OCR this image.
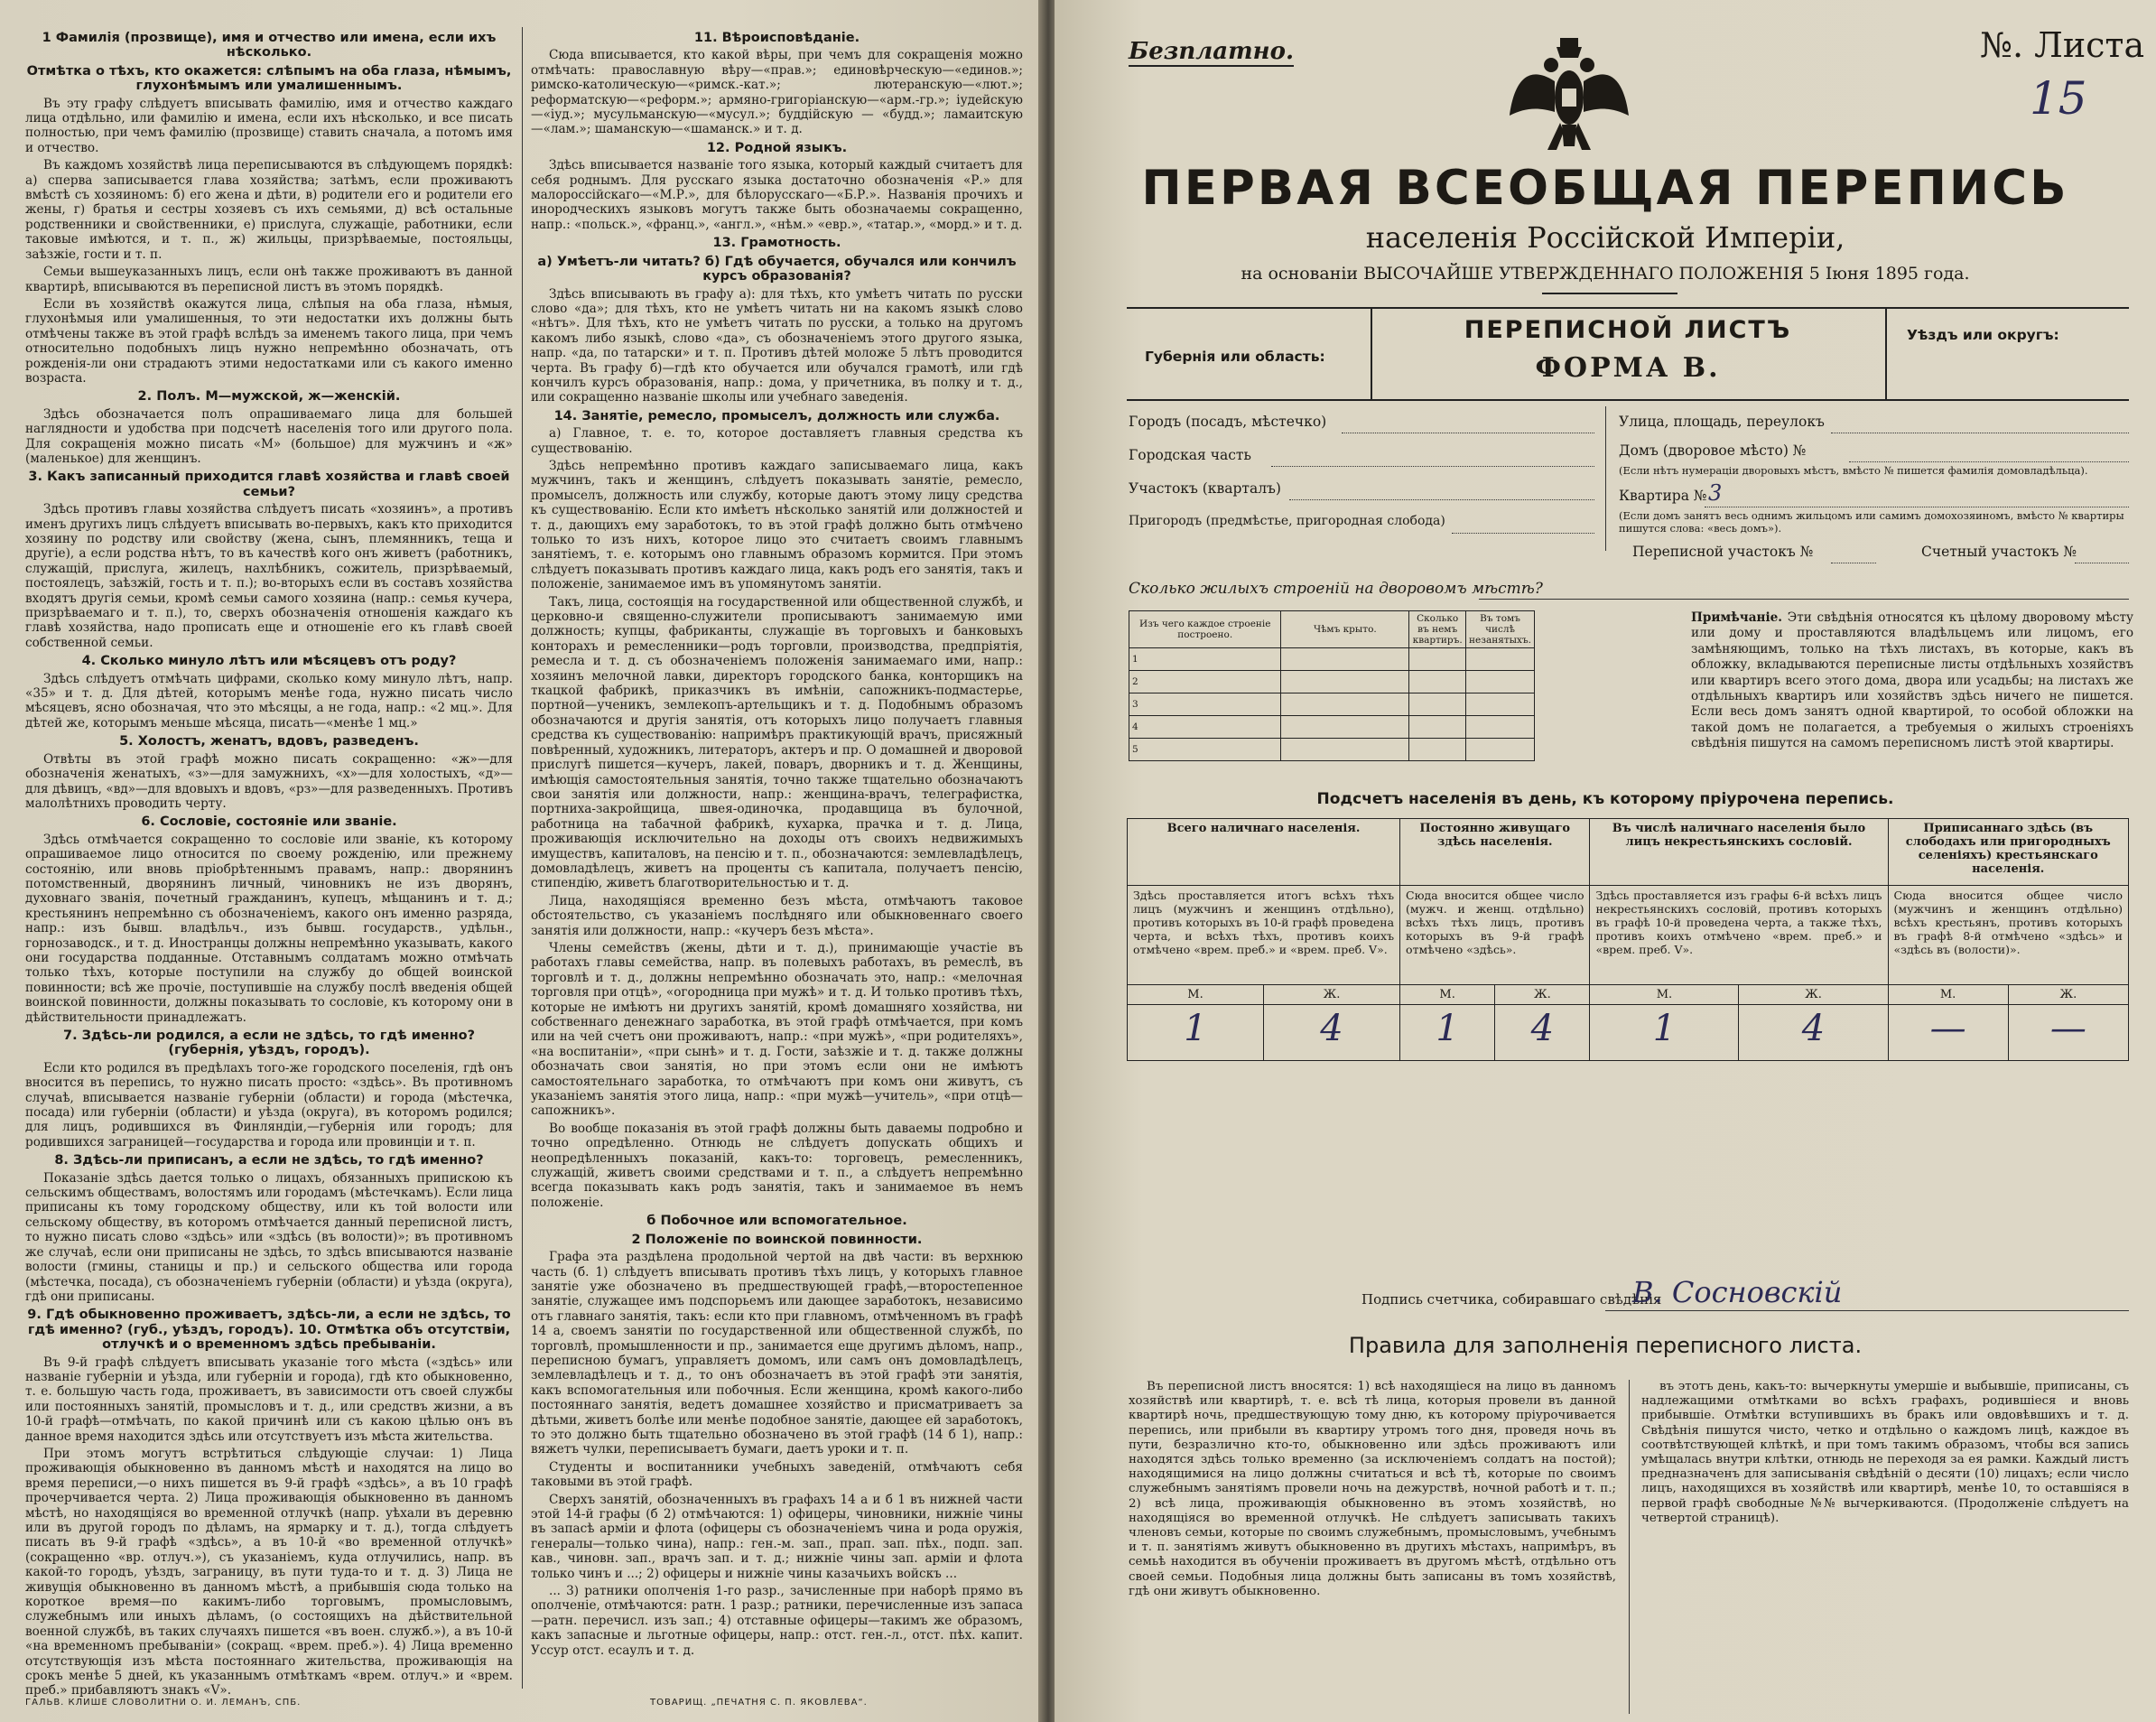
1 Фамилія (прозвище), имя и отчество или имена, если ихъ нѣсколько.
Отмѣтка о тѣхъ, кто окажется: слѣпымъ на оба глаза, нѣмымъ, глухонѣмымъ или умалишеннымъ.

Въ эту графу слѣдуетъ вписывать фамилію, имя и отчество каждаго лица отдѣльно, или фамилію и имена, если ихъ нѣсколько, и все писать полностью, при чемъ фамилію (прозвище) ставить сначала, а потомъ имя и отчество.

Въ каждомъ хозяйствѣ лица переписываются въ слѣдующемъ порядкѣ: а) сперва записывается глава хозяйства; затѣмъ, если проживаютъ вмѣстѣ съ хозяиномъ: б) его жена и дѣти, в) родители его и родители его жены, г) братья и сестры хозяевъ съ ихъ семьями, д) всѣ остальные родственники и свойственники, е) прислуга, служащіе, работники, если таковые имѣются, и т. п., ж) жильцы, призрѣваемые, постояльцы, заѣзжіе, гости и т. п.

Семьи вышеуказанныхъ лицъ, если онѣ также проживаютъ въ данной квартирѣ, вписываются въ переписной листъ въ этомъ порядкѣ.

Если въ хозяйствѣ окажутся лица, слѣпыя на оба глаза, нѣмыя, глухонѣмыя или умалишенныя, то эти недостатки ихъ должны быть отмѣчены также въ этой графѣ вслѣдъ за именемъ такого лица, при чемъ относительно подобныхъ лицъ нужно непремѣнно обозначать, отъ рожденія-ли они страдаютъ этими недостатками или съ какого именно возраста.

2. Полъ. М—мужской, ж—женскій.

Здѣсь обозначается полъ опрашиваемаго лица для большей наглядности и удобства при подсчетѣ населенія того или другого пола. Для сокращенія можно писать «М» (большое) для мужчинъ и «ж» (маленькое) для женщинъ.

3. Какъ записанный приходится главѣ хозяйства и главѣ своей семьи?

Здѣсь противъ главы хозяйства слѣдуетъ писать «хозяинъ», а противъ именъ другихъ лицъ слѣдуетъ вписывать во-первыхъ, какъ кто приходится хозяину по родству или свойству (жена, сынъ, племянникъ, теща и другіе), а если родства нѣтъ, то въ качествѣ кого онъ живетъ (работникъ, служащій, прислуга, жилецъ, нахлѣбникъ, сожитель, призрѣваемый, постоялецъ, заѣзжій, гость и т. п.); во-вторыхъ если въ составъ хозяйства входятъ другія семьи, кромѣ семьи самого хозяина (напр.: семья кучера, призрѣваемаго и т. п.), то, сверхъ обозначенія отношенія каждаго къ главѣ хозяйства, надо прописать еще и отношеніе его къ главѣ своей собственной семьи.

4. Сколько минуло лѣтъ или мѣсяцевъ отъ роду?

Здѣсь слѣдуетъ отмѣчать цифрами, сколько кому минуло лѣтъ, напр. «35» и т. д. Для дѣтей, которымъ менѣе года, нужно писать число мѣсяцевъ, ясно обозначая, что это мѣсяцы, а не года, напр.: «2 мц.». Для дѣтей же, которымъ меньше мѣсяца, писать—«менѣе 1 мц.»

5. Холостъ, женатъ, вдовъ, разведенъ.

Отвѣты въ этой графѣ можно писать сокращенно: «ж»—для обозначенія женатыхъ, «з»—для замужнихъ, «х»—для холостыхъ, «д»—для дѣвицъ, «вд»—для вдовыхъ и вдовъ, «рз»—для разведенныхъ. Противъ малолѣтнихъ проводить черту.

6. Сословіе, состояніе или званіе.

Здѣсь отмѣчается сокращенно то сословіе или званіе, къ которому опрашиваемое лицо относится по своему рожденію, или прежнему состоянію, или вновь пріобрѣтеннымъ правамъ, напр.: дворянинъ потомственный, дворянинъ личный, чиновникъ не изъ дворянъ, духовнаго званія, почетный гражданинъ, купецъ, мѣщанинъ и т. д.; крестьянинъ непремѣнно съ обозначеніемъ, какого онъ именно разряда, напр.: изъ бывш. владѣльч., изъ бывш. государств., удѣльн., горнозаводск., и т. д. Иностранцы должны непремѣнно указывать, какого они государства подданные. Отставнымъ солдатамъ можно отмѣчать только тѣхъ, которые поступили на службу до общей воинской повинности; всѣ же прочіе, поступившіе на службу послѣ введенія общей воинской повинности, должны показывать то сословіе, къ которому они в дѣйствительности принадлежатъ.

7. Здѣсь-ли родился, а если не здѣсь, то гдѣ именно? (губернія, уѣздъ, городъ).

Если кто родился въ предѣлахъ того-же городского поселенія, гдѣ онъ вносится въ перепись, то нужно писать просто: «здѣсь». Въ противномъ случаѣ, вписывается названіе губерніи (области) и города (мѣстечка, посада) или губерніи (области) и уѣзда (округа), въ которомъ родился; для лицъ, родившихся въ Финляндіи,—губернія или городъ; для родившихся заграницей—государства и города или провинціи и т. п.

8. Здѣсь-ли приписанъ, а если не здѣсь, то гдѣ именно?

Показаніе здѣсь дается только о лицахъ, обязанныхъ припискою къ сельскимъ обществамъ, волостямъ или городамъ (мѣстечкамъ). Если лица приписаны къ тому городскому обществу, или къ той волости или сельскому обществу, въ которомъ отмѣчается данный переписной листъ, то нужно писать слово «здѣсь» или «здѣсь (въ волости)»; въ противномъ же случаѣ, если они приписаны не здѣсь, то здѣсь вписываются названіе волости (гмины, станицы и пр.) и сельского общества или города (мѣстечка, посада), съ обозначеніемъ губерніи (области) и уѣзда (округа), гдѣ они приписаны.

9. Гдѣ обыкновенно проживаетъ, здѣсь-ли, а если не здѣсь, то гдѣ именно? (губ., уѣздъ, городъ). 10. Отмѣтка объ отсутствіи, отлучкѣ и о временномъ здѣсь пребываніи.

Въ 9-й графѣ слѣдуетъ вписывать указаніе того мѣста («здѣсь» или названіе губерніи и уѣзда, или губерніи и города), гдѣ кто обыкновенно, т. е. большую часть года, проживаетъ, въ зависимости отъ своей службы или постоянныхъ занятій, промысловъ и т. д., или средствъ жизни, а въ 10-й графѣ—отмѣчать, по какой причинѣ или съ какою цѣлью онъ въ данное время находится здѣсь или отсутствуетъ изъ мѣста жительства.

При этомъ могутъ встрѣтиться слѣдующіе случаи: 1) Лица проживающія обыкновенно въ данномъ мѣстѣ и находятся на лицо во время переписи,—о нихъ пишется въ 9-й графѣ «здѣсь», а въ 10 графѣ прочерчивается черта. 2) Лица проживающія обыкновенно въ данномъ мѣстѣ, но находящіяся во временной отлучкѣ (напр. уѣхали въ деревню или въ другой городъ по дѣламъ, на ярмарку и т. д.), тогда слѣдуетъ писать въ 9-й графѣ «здѣсь», а въ 10-й «во временной отлучкѣ» (сокращенно «вр. отлуч.»), съ указаніемъ, куда отлучились, напр. въ какой-то городъ, уѣздъ, заграницу, въ пути туда-то и т. д. 3) Лица не живущія обыкновенно въ данномъ мѣстѣ, а прибывшія сюда только на короткое время—по какимъ-либо торговымъ, промысловымъ, служебнымъ или иныхъ дѣламъ, (о состоящихъ на дѣйствительной военной службѣ, въ таких случаяхъ пишется «въ воен. служб.»), а въ 10-й «на временномъ пребываніи» (сокращ. «врем. преб.»). 4) Лица временно отсутствующія изъ мѣста постояннаго жительства, проживающія на срокъ менѣе 5 дней, къ указаннымъ отмѣткамъ «врем. отлуч.» и «врем. преб.» прибавляютъ знакъ «V».

11. Вѣроисповѣданіе.

Сюда вписывается, кто какой вѣры, при чемъ для сокращенія можно отмѣчать: православную вѣру—«прав.»; единовѣрческую—«единов.»; римско-католическую—«римск.-кат.»; лютеранскую—«лют.»; реформатскую—«реформ.»; армяно-григоріанскую—«арм.-гр.»; іудейскую—«іуд.»; мусульманскую—«мусул.»; буддійскую — «будд.»; ламаитскую—«лам.»; шаманскую—«шаманск.» и т. д.

12. Родной языкъ.

Здѣсь вписывается названіе того языка, который каждый считаетъ для себя роднымъ. Для русскаго языка достаточно обозначенія «Р.» для малороссійскаго—«М.Р.», для бѣлорусскаго—«Б.Р.». Названія прочихъ и инородческихъ языковъ могутъ также быть обозначаемы сокращенно, напр.: «польск.», «франц.», «англ.», «нѣм.» «евр.», «татар.», «морд.» и т. д.

13. Грамотность.
а) Умѣетъ-ли читать? б) Гдѣ обучается, обучался или кончилъ курсъ образованія?

Здѣсь вписывають въ графу а): для тѣхъ, кто умѣетъ читать по русски слово «да»; для тѣхъ, кто не умѣетъ читать ни на какомъ языкѣ слово «нѣтъ». Для тѣхъ, кто не умѣетъ читать по русски, а только на другомъ какомъ либо языкѣ, слово «да», съ обозначеніемъ этого другого языка, напр. «да, по татарски» и т. п. Противъ дѣтей моложе 5 лѣтъ проводится черта. Въ графу б)—гдѣ кто обучается или обучался грамотѣ, или гдѣ кончилъ курсъ образованія, напр.: дома, у причетника, въ полку и т. д., или сокращенно названіе школы или учебнаго заведенія.

14. Занятіе, ремесло, промыселъ, должность или служба.

а) Главное, т. е. то, которое доставляетъ главныя средства къ существованію.

Здѣсь непремѣнно противъ каждаго записываемаго лица, какъ мужчинъ, такъ и женщинъ, слѣдуетъ показывать занятіе, ремесло, промыселъ, должность или службу, которые даютъ этому лицу средства къ существованію. Если кто имѣетъ нѣсколько занятій или должностей и т. д., дающихъ ему заработокъ, то въ этой графѣ должно быть отмѣчено только то изъ нихъ, которое лицо это считаетъ своимъ главнымъ занятіемъ, т. е. которымъ оно главнымъ образомъ кормится. При этомъ слѣдуетъ показывать противъ каждаго лица, какъ родъ его занятія, такъ и положеніе, занимаемое имъ въ упомянутомъ занятіи.

Такъ, лица, состоящія на государственной или общественной службѣ, и церковно-и священно-служители прописываютъ занимаемую ими должность; купцы, фабриканты, служащіе въ торговыхъ и банковыхъ конторахъ и ремесленники—родъ торговли, производства, предпріятія, ремесла и т. д. съ обозначеніемъ положенія занимаемаго ими, напр.: хозяинъ мелочной лавки, директоръ городского банка, конторщикъ на ткацкой фабрикѣ, приказчикъ въ имѣніи, сапожникъ-подмастерье, портной—ученикъ, землекопъ-артельщикъ и т. д. Подобнымъ образомъ обозначаются и другія занятія, отъ которыхъ лицо получаетъ главныя средства къ существованію: напримѣръ практикующій врачъ, присяжный повѣренный, художникъ, литераторъ, актеръ и пр. О домашней и дворовой прислугѣ пишется—кучеръ, лакей, поваръ, дворникъ и т. д. Женщины, имѣющія самостоятельныя занятія, точно также тщательно обозначаютъ свои занятія или должности, напр.: женщина-врачъ, телеграфистка, портниха-закройщица, швея-одиночка, продавщица въ булочной, работница на табачной фабрикѣ, кухарка, прачка и т. д. Лица, проживающія исключительно на доходы отъ своихъ недвижимыхъ имуществъ, капиталовъ, на пенсію и т. п., обозначаются: землевладѣлецъ, домовладѣлецъ, живетъ на проценты съ капитала, получаетъ пенсію, стипендію, живетъ благотворительностью и т. д.

Лица, находящіяся временно безъ мѣста, отмѣчаютъ таковое обстоятельство, съ указаніемъ послѣдняго или обыкновеннаго своего занятія или должности, напр.: «кучеръ безъ мѣста».

Члены семействъ (жены, дѣти и т. д.), принимающіе участіе въ работахъ главы семейства, напр. въ полевыхъ работахъ, въ ремеслѣ, въ торговлѣ и т. д., должны непремѣнно обозначать это, напр.: «мелочная торговля при отцѣ», «огородница при мужѣ» и т. д. И только противъ тѣхъ, которые не имѣютъ ни другихъ занятій, кромѣ домашняго хозяйства, ни собственнаго денежнаго заработка, въ этой графѣ отмѣчается, при комъ или на чей счетъ они проживаютъ, напр.: «при мужѣ», «при родителяхъ», «на воспитаніи», «при сынѣ» и т. д. Гости, заѣзжіе и т. д. также должны обозначать свои занятія, но при этомъ если они не имѣютъ самостоятельнаго заработка, то отмѣчаютъ при комъ они живутъ, съ указаніемъ занятія этого лица, напр.: «при мужѣ—учитель», «при отцѣ—сапожникъ».

Во вообще показанія въ этой графѣ должны быть даваемы подробно и точно опредѣленно. Отнюдь не слѣдуетъ допускать общихъ и неопредѣленныхъ показаній, какъ-то: торговецъ, ремесленникъ, служащій, живетъ своими средствами и т. п., а слѣдуетъ непремѣнно всегда показывать какъ родъ занятія, такъ и занимаемое въ немъ положеніе.

б Побочное или вспомогательное.
2 Положеніе по воинской повинности.

Графа эта раздѣлена продольной чертой на двѣ части: въ верхнюю часть (б. 1) слѣдуетъ вписывать противъ тѣхъ лицъ, у которыхъ главное занятіе уже обозначено въ предшествующей графѣ,—второстепенное занятіе, служащее имъ подспорьемъ или дающее заработокъ, независимо отъ главнаго занятія, такъ: если кто при главномъ, отмѣченномъ въ графѣ 14 а, своемъ занятіи по государственной или общественной службѣ, по торговлѣ, промышленности и пр., занимается еще другимъ дѣломъ, напр., переписною бумагъ, управляетъ домомъ, или самъ онъ домовладѣлецъ, землевладѣлецъ и т. д., то онъ обозначаетъ въ этой графѣ эти занятія, какъ вспомогательныя или побочныя. Если женщина, кромѣ какого-либо постояннаго занятія, ведетъ домашнее хозяйство и присматриваетъ за дѣтьми, живетъ болѣе или менѣе подобное занятіе, дающее ей заработокъ, то это должно быть тщательно обозначено въ этой графѣ (14 б 1), напр.: вяжетъ чулки, переписываетъ бумаги, даетъ уроки и т. п.

Студенты и воспитанники учебныхъ заведеній, отмѣчаютъ себя таковыми въ этой графѣ.

Сверхъ занятій, обозначенныхъ въ графахъ 14 а и б 1 въ нижней части этой 14-й графы (б 2) отмѣчаются: 1) офицеры, чиновники, нижніе чины въ запасѣ армiи и флота (офицеры съ обозначеніемъ чина и рода оружія, генералы—только чина), напр.: ген.-м. зап., прап. зап. пѣх., подп. зап. кав., чиновн. зап., врачъ зап. и т. д.; нижніе чины зап. арміи и флота только чинъ и ...; 2) офицеры и нижніе чины казачьихъ войскъ ...

... 3) ратники ополченія 1-го разр., зачисленные при наборѣ прямо въ ополченіе, отмѣчаются: ратн. 1 разр.; ратники, перечисленные изъ запаса—ратн. перечисл. изъ зап.; 4) отставные офицеры—такимъ же образомъ, какъ запасные и льготные офицеры, напр.: отст. ген.-л., отст. пѣх. капит. Уссур отст. есаулъ и т. д.

ГАЛЬВ. КЛИШЕ СЛОВОЛИТНИ О. И. ЛЕМАНЪ, СПБ.	ТОВАРИЩ. „ПЕЧАТНЯ С. П. ЯКОВЛЕВА“.
Безплатно.	№. Листа
15
ПЕРВАЯ ВСЕОБЩАЯ ПЕРЕПИСЬ
населенія Россійской Имперіи,
на основаніи ВЫСОЧАЙШЕ УТВЕРЖДЕННАГО ПОЛОЖЕНІЯ 5 Іюня 1895 года.
Губернія или область:
ПЕРЕПИСНОЙ ЛИСТЪ
ФОРМА В.
Уѣздъ или округъ:
Городъ (посадъ, мѣстечко)
Городская часть
Участокъ (кварталъ)
Пригородъ (предмѣстье, пригородная слобода)
Улица, площадь, переулокъ
Домъ (дворовое мѣсто) №
(Если нѣтъ нумераціи дворовыхъ мѣстъ, вмѣсто № пишется фамилія домовладѣльца).
Квартира № 3
(Если домъ занятъ весь однимъ жильцомъ или самимъ домохозяиномъ, вмѣсто № квартиры пишутся слова: «весь домъ»).
Переписной участокъ №	Счетный участокъ №
Сколько жилыхъ строеній на дворовомъ мѣстѣ?
Изъ чего каждое строеніе построено.	Чѣмъ крыто.	Сколько въ немъ квартиръ.	Въ томъ числѣ незанятыхъ.
1			
2			
3			
4			
5			
Примѣчаніе. Эти свѣдѣнія относятся къ цѣлому дворовому мѣсту или дому и проставляются владѣльцемъ или лицомъ, его замѣняющимъ, только на тѣхъ листахъ, въ которые, какъ въ обложку, вкладываются переписные листы отдѣльныхъ хозяйствъ или квартиръ всего этого дома, двора или усадьбы; на листахъ же отдѣльныхъ квартиръ или хозяйствъ здѣсь ничего не пишется. Если весь домъ занятъ одной квартирой, то особой обложки на такой домъ не полагается, а требуемыя о жилыхъ строеніяхъ свѣдѣнія пишутся на самомъ переписномъ листѣ этой квартиры.
Подсчетъ населенія въ день, къ которому пріурочена перепись.
Всего наличнаго населенія.		Постоянно живущаго здѣсь населенія.		Въ числѣ наличнаго населенія было лицъ некрестьянскихъ сословій.		Приписаннаго здѣсь (въ слободахъ или пригородныхъ селеніяхъ) крестьянскаго населенія.	
Здѣсь проставляется итогъ всѣхъ тѣхъ лицъ (мужчинъ и женщинъ отдѣльно), противъ которыхъ въ 10-й графѣ проведена черта, и всѣхъ тѣхъ, противъ коихъ отмѣчено «врем. преб.» и «врем. преб. V».		Сюда вносится общее число (мужч. и женщ. отдѣльно) всѣхъ тѣхъ лицъ, противъ которыхъ въ 9-й графѣ отмѣчено «здѣсь».		Здѣсь проставляется изъ графы 6-й всѣхъ лицъ некрестьянскихъ сословій, противъ которыхъ въ графѣ 10-й проведена черта, а также тѣхъ, противъ коихъ отмѣчено «врем. преб.» и «врем. преб. V».		Сюда вносится общее число (мужчинъ и женщинъ отдѣльно) всѣхъ крестьянъ, противъ которыхъ въ графѣ 8-й отмѣчено «здѣсь» и «здѣсь въ (волости)».	
М.	Ж.	М.	Ж.	М.	Ж.	М.	Ж.
1	4	1	4	1	4	—	—
Подпись счетчика, собиравшаго свѣдѣнія
В. Сосновскій
Правила для заполненія переписного листа.

Въ переписной листъ вносятся: 1) всѣ находящіеся на лицо въ данномъ хозяйствѣ или квартирѣ, т. е. всѣ тѣ лица, которыя провели въ данной квартирѣ ночь, предшествующую тому дню, къ которому пріурочивается перепись, или прибыли въ квартиру утромъ того дня, проведя ночь въ пути, безразлично кто-то, обыкновенно или здѣсь проживаютъ или находятся здѣсь только временно (за исключеніемъ солдатъ на постой); находящимися на лицо должны считаться и всѣ тѣ, которые по своимъ служебнымъ занятіямъ провели ночь на дежурствѣ, ночной работѣ и т. п.; 2) всѣ лица, проживающія обыкновенно въ этомъ хозяйствѣ, но находящіяся во временной отлучкѣ. Не слѣдуетъ записывать такихъ членовъ семьи, которые по своимъ служебнымъ, промысловымъ, учебнымъ и т. п. занятіямъ живутъ обыкновенно въ другихъ мѣстахъ, напримѣръ, въ семьѣ находится въ обученіи проживаетъ въ другомъ мѣстѣ, отдѣльно отъ своей семьи. Подобныя лица должны быть записаны въ томъ хозяйствѣ, гдѣ они живутъ обыкновенно.

въ этотъ день, какъ-то: вычеркнуты умершіе и выбывшіе, приписаны, съ надлежащими отмѣтками во всѣхъ графахъ, родившіеся и вновь прибывшіе. Отмѣтки вступившихъ въ бракъ или овдовѣвшихъ и т. д. Свѣдѣнія пишутся чисто, четко и отдѣльно о каждомъ лицѣ, каждое въ соотвѣтствующей клѣткѣ, и при томъ такимъ образомъ, чтобы вся запись умѣщалась внутри клѣтки, отнюдь не переходя за ея рамки. Каждый листъ предназначенъ для записыванія свѣдѣній о десяти (10) лицахъ; если число лицъ, находящихся въ хозяйствѣ или квартирѣ, менѣе 10, то оставшіяся в первой графѣ свободные №№ вычеркиваются. (Продолженіе слѣдуетъ на четвертой страницѣ).
